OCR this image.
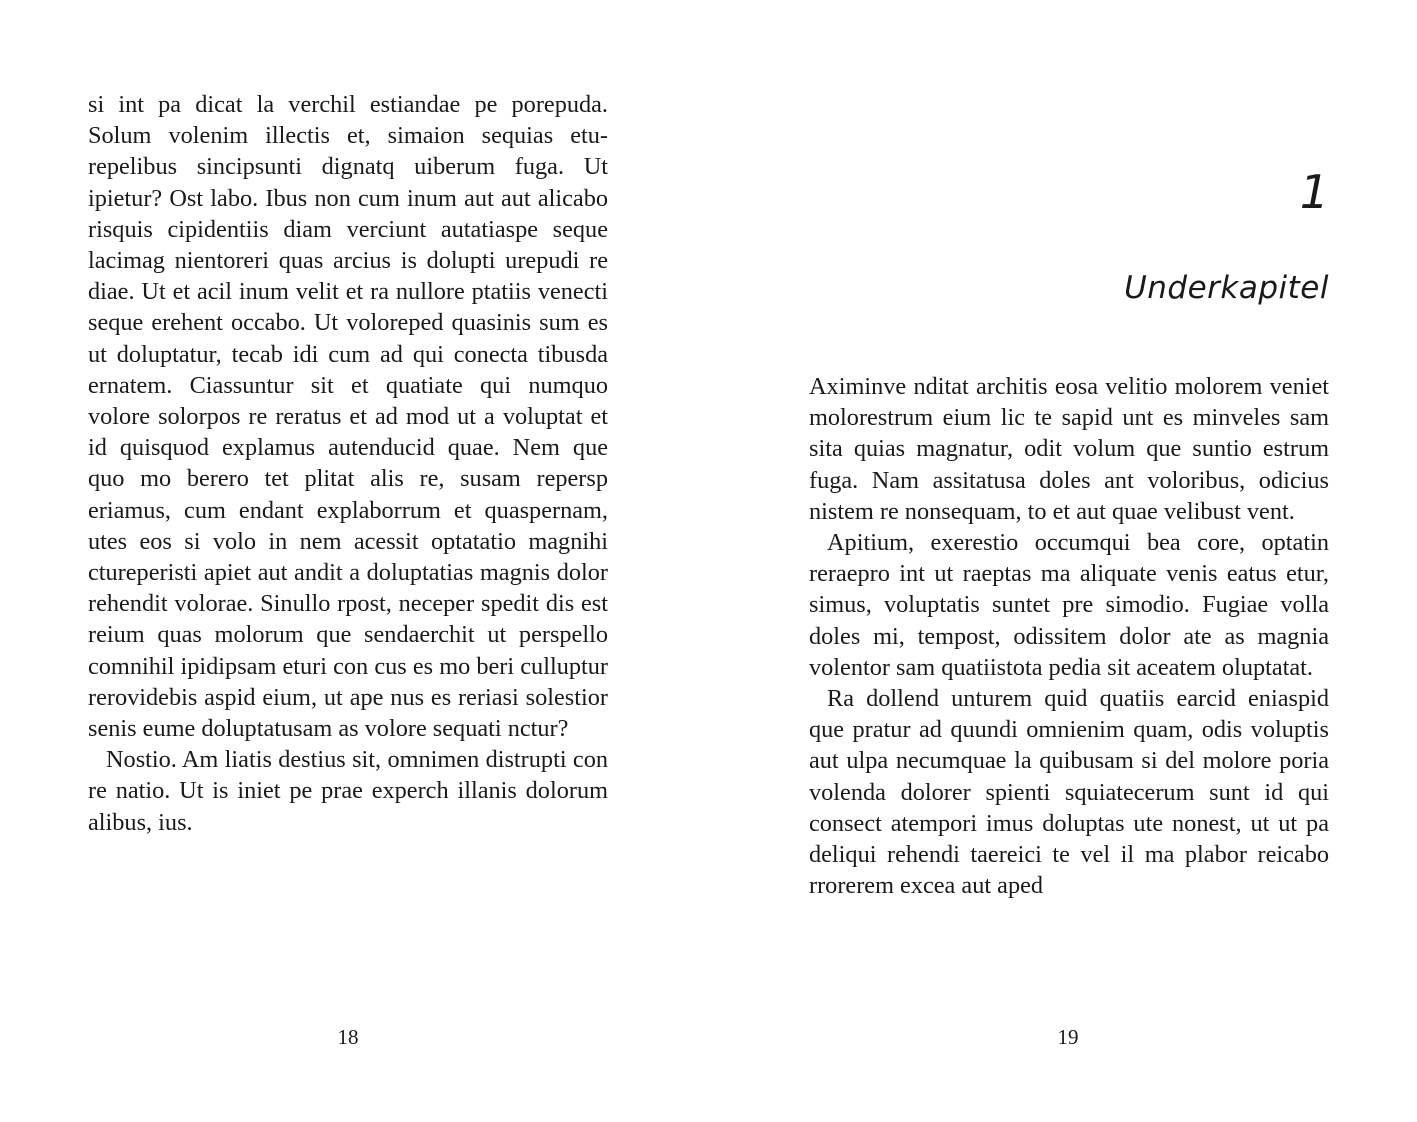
si int pa dicat la verchil estiandae pe porepuda. Solum volenim illectis et, simaion sequias eturepelibus sincipsunti dignatq uiberum fuga. Ut ipietur? Ost labo. Ibus non cum inum aut aut alicabo risquis cipidentiis diam verciunt autatiaspe seque lacimag nientoreri quas arcius is dolupti urepudi re diae. Ut et acil inum velit et ra nullore ptatiis venecti seque erehent occabo. Ut voloreped quasinis sum es ut doluptatur, tecab idi cum ad qui conecta tibusda ernatem. Ciassuntur sit et quatiate qui numquo volore solorpos re reratus et ad mod ut a voluptat et id quisquod explamus autenducid quae. Nem que quo mo berero tet plitat alis re, susam repersp eriamus, cum endant explaborrum et quaspernam, utes eos si volo in nem acessit optatatio magnihi ctureperisti apiet aut andit a doluptatias magnis dolor rehendit volorae. Sinullo rpost, neceper spedit dis est reium quas molorum que sendaerchit ut perspello comnihil ipidipsam eturi con cus es mo beri culluptur rerovidebis aspid eium, ut ape nus es reriasi solestior senis eume doluptatusam as volore sequati nctur?

Nostio. Am liatis destius sit, omnimen distrupti con re natio. Ut is iniet pe prae experch illanis dolorum alibus, ius.

18
1
Underkapitel

Aximinve nditat architis eosa velitio molorem veniet molorestrum eium lic te sapid unt es minveles sam sita quias magnatur, odit volum que suntio estrum fuga. Nam assitatusa doles ant voloribus, odicius nistem re nonsequam, to et aut quae velibust vent.

Apitium, exerestio occumqui bea core, optatin reraepro int ut raeptas ma aliquate venis eatus etur, simus, voluptatis suntet pre simodio. Fugiae volla doles mi, tempost, odissitem dolor ate as magnia volentor sam quatiistota pedia sit aceatem oluptatat.

Ra dollend unturem quid quatiis earcid eniaspid que pratur ad quundi omnienim quam, odis voluptis aut ulpa necumquae la quibusam si del molore poria volenda dolorer spienti squiatecerum sunt id qui consect atempori imus doluptas ute nonest, ut ut pa deliqui rehendi taereici te vel il ma plabor reicabo rrorerem excea aut aped

19
